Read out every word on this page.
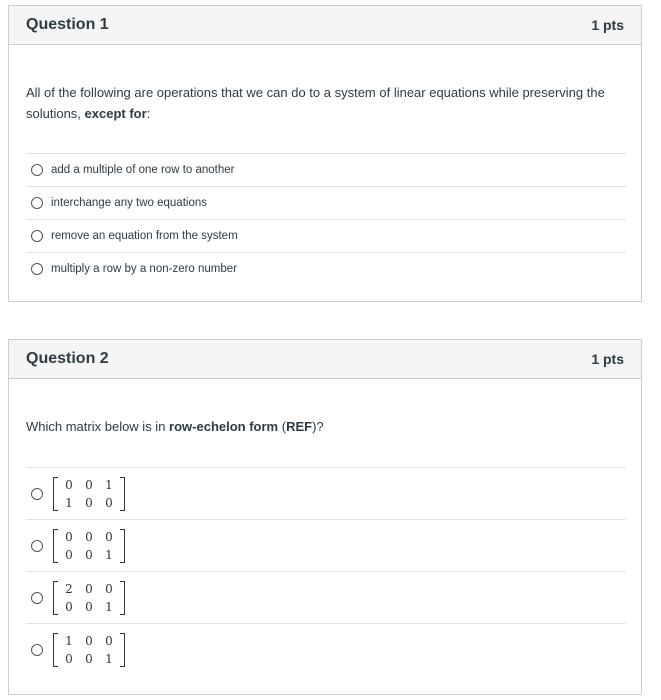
Question 1	1 pts
All of the following are operations that we can do to a system of linear equations while preserving the solutions, except for:
add a multiple of one row to another
interchange any two equations
remove an equation from the system
multiply a row by a non-zero number
Question 2	1 pts
Which matrix below is in row-echelon form (REF)?
0	0	1
1	0	0
0	0	0
0	0	1
2	0	0
0	0	1
1	0	0
0	0	1
